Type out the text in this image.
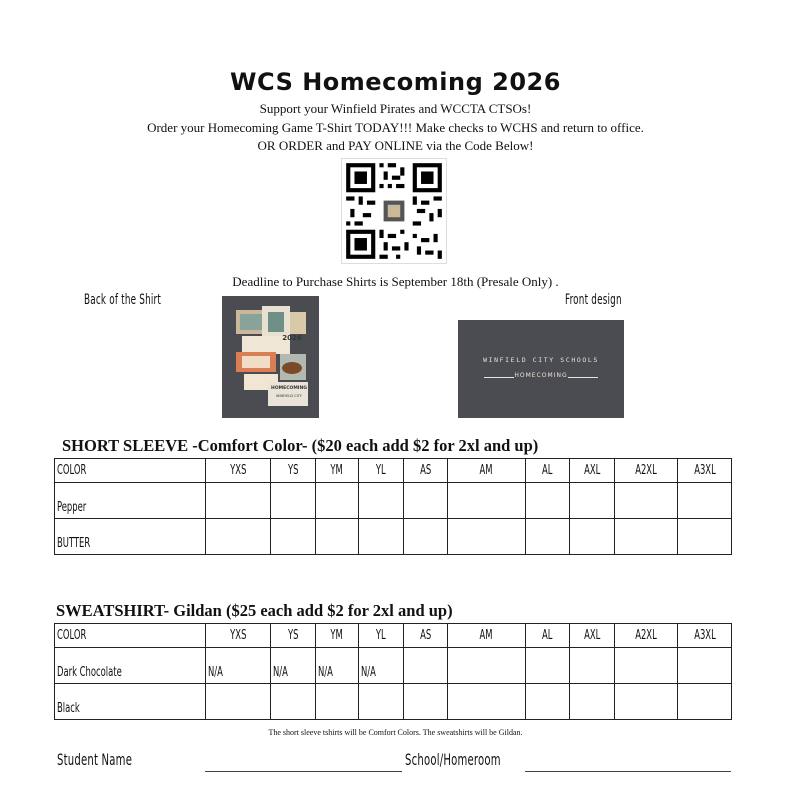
WCS Homecoming 2026
Support your Winfield Pirates and WCCTA CTSOs!
Order your Homecoming Game T-Shirt TODAY!!! Make checks to WCHS and return to office.
OR ORDER and PAY ONLINE via the Code Below!
Deadline to Purchase Shirts is September 18th (Presale Only) .
Back of the Shirt	Front design
2026
HOMECOMING
WINFIELD CITY
WINFIELD CITY SCHOOLS
HOMECOMING
SHORT SLEEVE -Comfort Color- ($20 each add $2 for 2xl and up)
COLOR	YXS	YS	YM	YL	AS	AM	AL	AXL	A2XL	A3XL
Pepper										
BUTTER										
SWEATSHIRT- Gildan ($25 each add $2 for 2xl and up)
COLOR	YXS	YS	YM	YL	AS	AM	AL	AXL	A2XL	A3XL
Dark Chocolate	N/A	N/A	N/A	N/A						
Black										
The short sleeve tshirts will be Comfort Colors. The sweatshirts will be Gildan.
Student Name	School/Homeroom
